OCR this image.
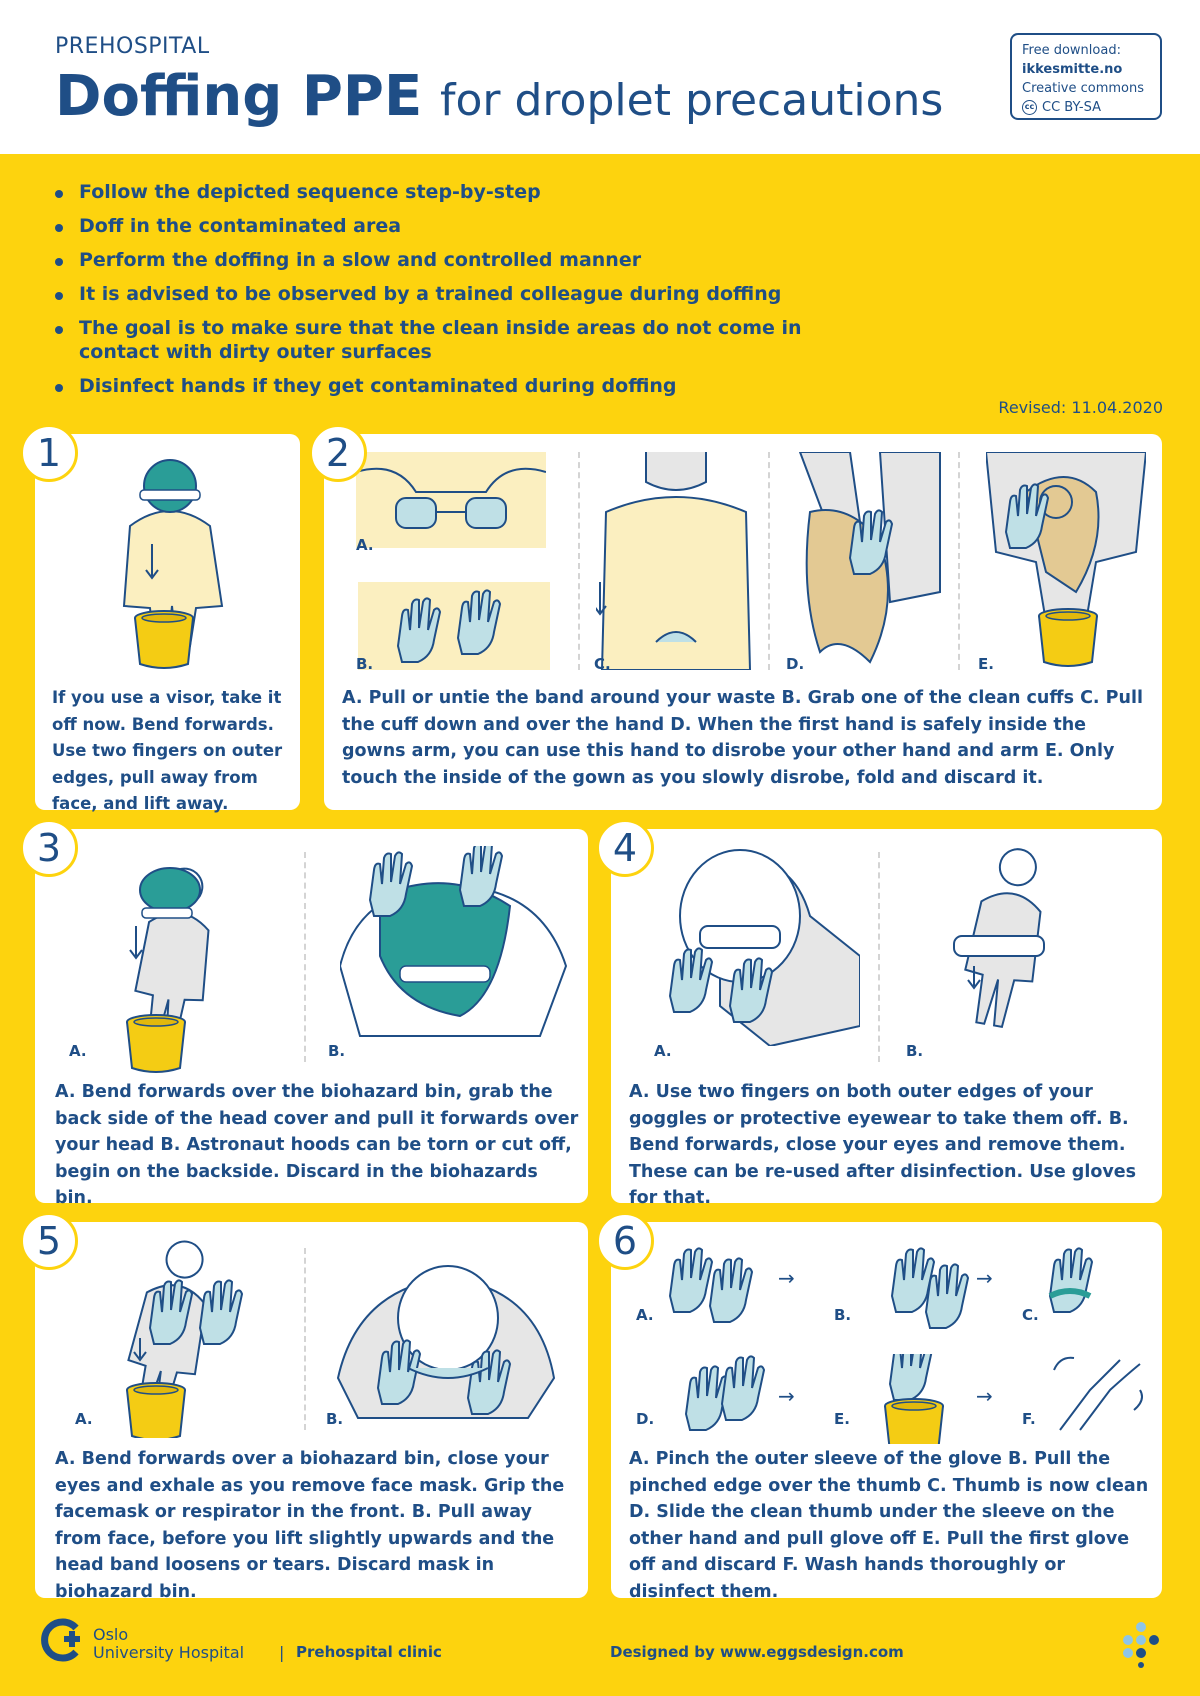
PREHOSPITAL
Doffing PPE for droplet precautions
Free download:
ikkesmitte.no
Creative commons
cc CC BY-SA
Follow the depicted sequence step-by-step
Doff in the contaminated area
Perform the doffing in a slow and controlled manner
It is advised to be observed by a trained colleague during doffing
The goal is to make sure that the clean inside areas do not come in contact with dirty outer surfaces
Disinfect hands if they get contaminated during doffing
Revised: 11.04.2020
1
If you use a visor, take it off now. Bend forwards. Use two fingers on outer edges, pull away from face, and lift away.
2
A.
B.	C.	D.	E.
A. Pull or untie the band around your waste B. Grab one of the clean cuffs C. Pull the cuff down and over the hand D. When the first hand is safely inside the gowns arm, you can use this hand to disrobe your other hand and arm E. Only touch the inside of the gown as you slowly disrobe, fold and discard it.
3
A.	B.
A. Bend forwards over the biohazard bin, grab the back side of the head cover and pull it forwards over your head B. Astronaut hoods can be torn or cut off, begin on the backside. Discard in the biohazards bin.
4
A.	B.
A. Use two fingers on both outer edges of your goggles or protective eyewear to take them off. B. Bend forwards, close your eyes and remove them. These can be re-used after disinfection. Use gloves for that.
5
A.	B.
A. Bend forwards over a biohazard bin, close your eyes and exhale as you remove face mask. Grip the facemask or respirator in the front. B. Pull away from face, before you lift slightly upwards and the head band loosens or tears. Discard mask in biohazard bin.
6
A.
→
B.
→
C.
D.
→
E.
→
F.
A. Pinch the outer sleeve of the glove B. Pull the pinched edge over the thumb C. Thumb is now clean D. Slide the clean thumb under the sleeve on the other hand and pull glove off E. Pull the first glove off and discard F. Wash hands thoroughly or disinfect them.
Oslo
University Hospital | Prehospital clinic	Designed by www.eggsdesign.com
